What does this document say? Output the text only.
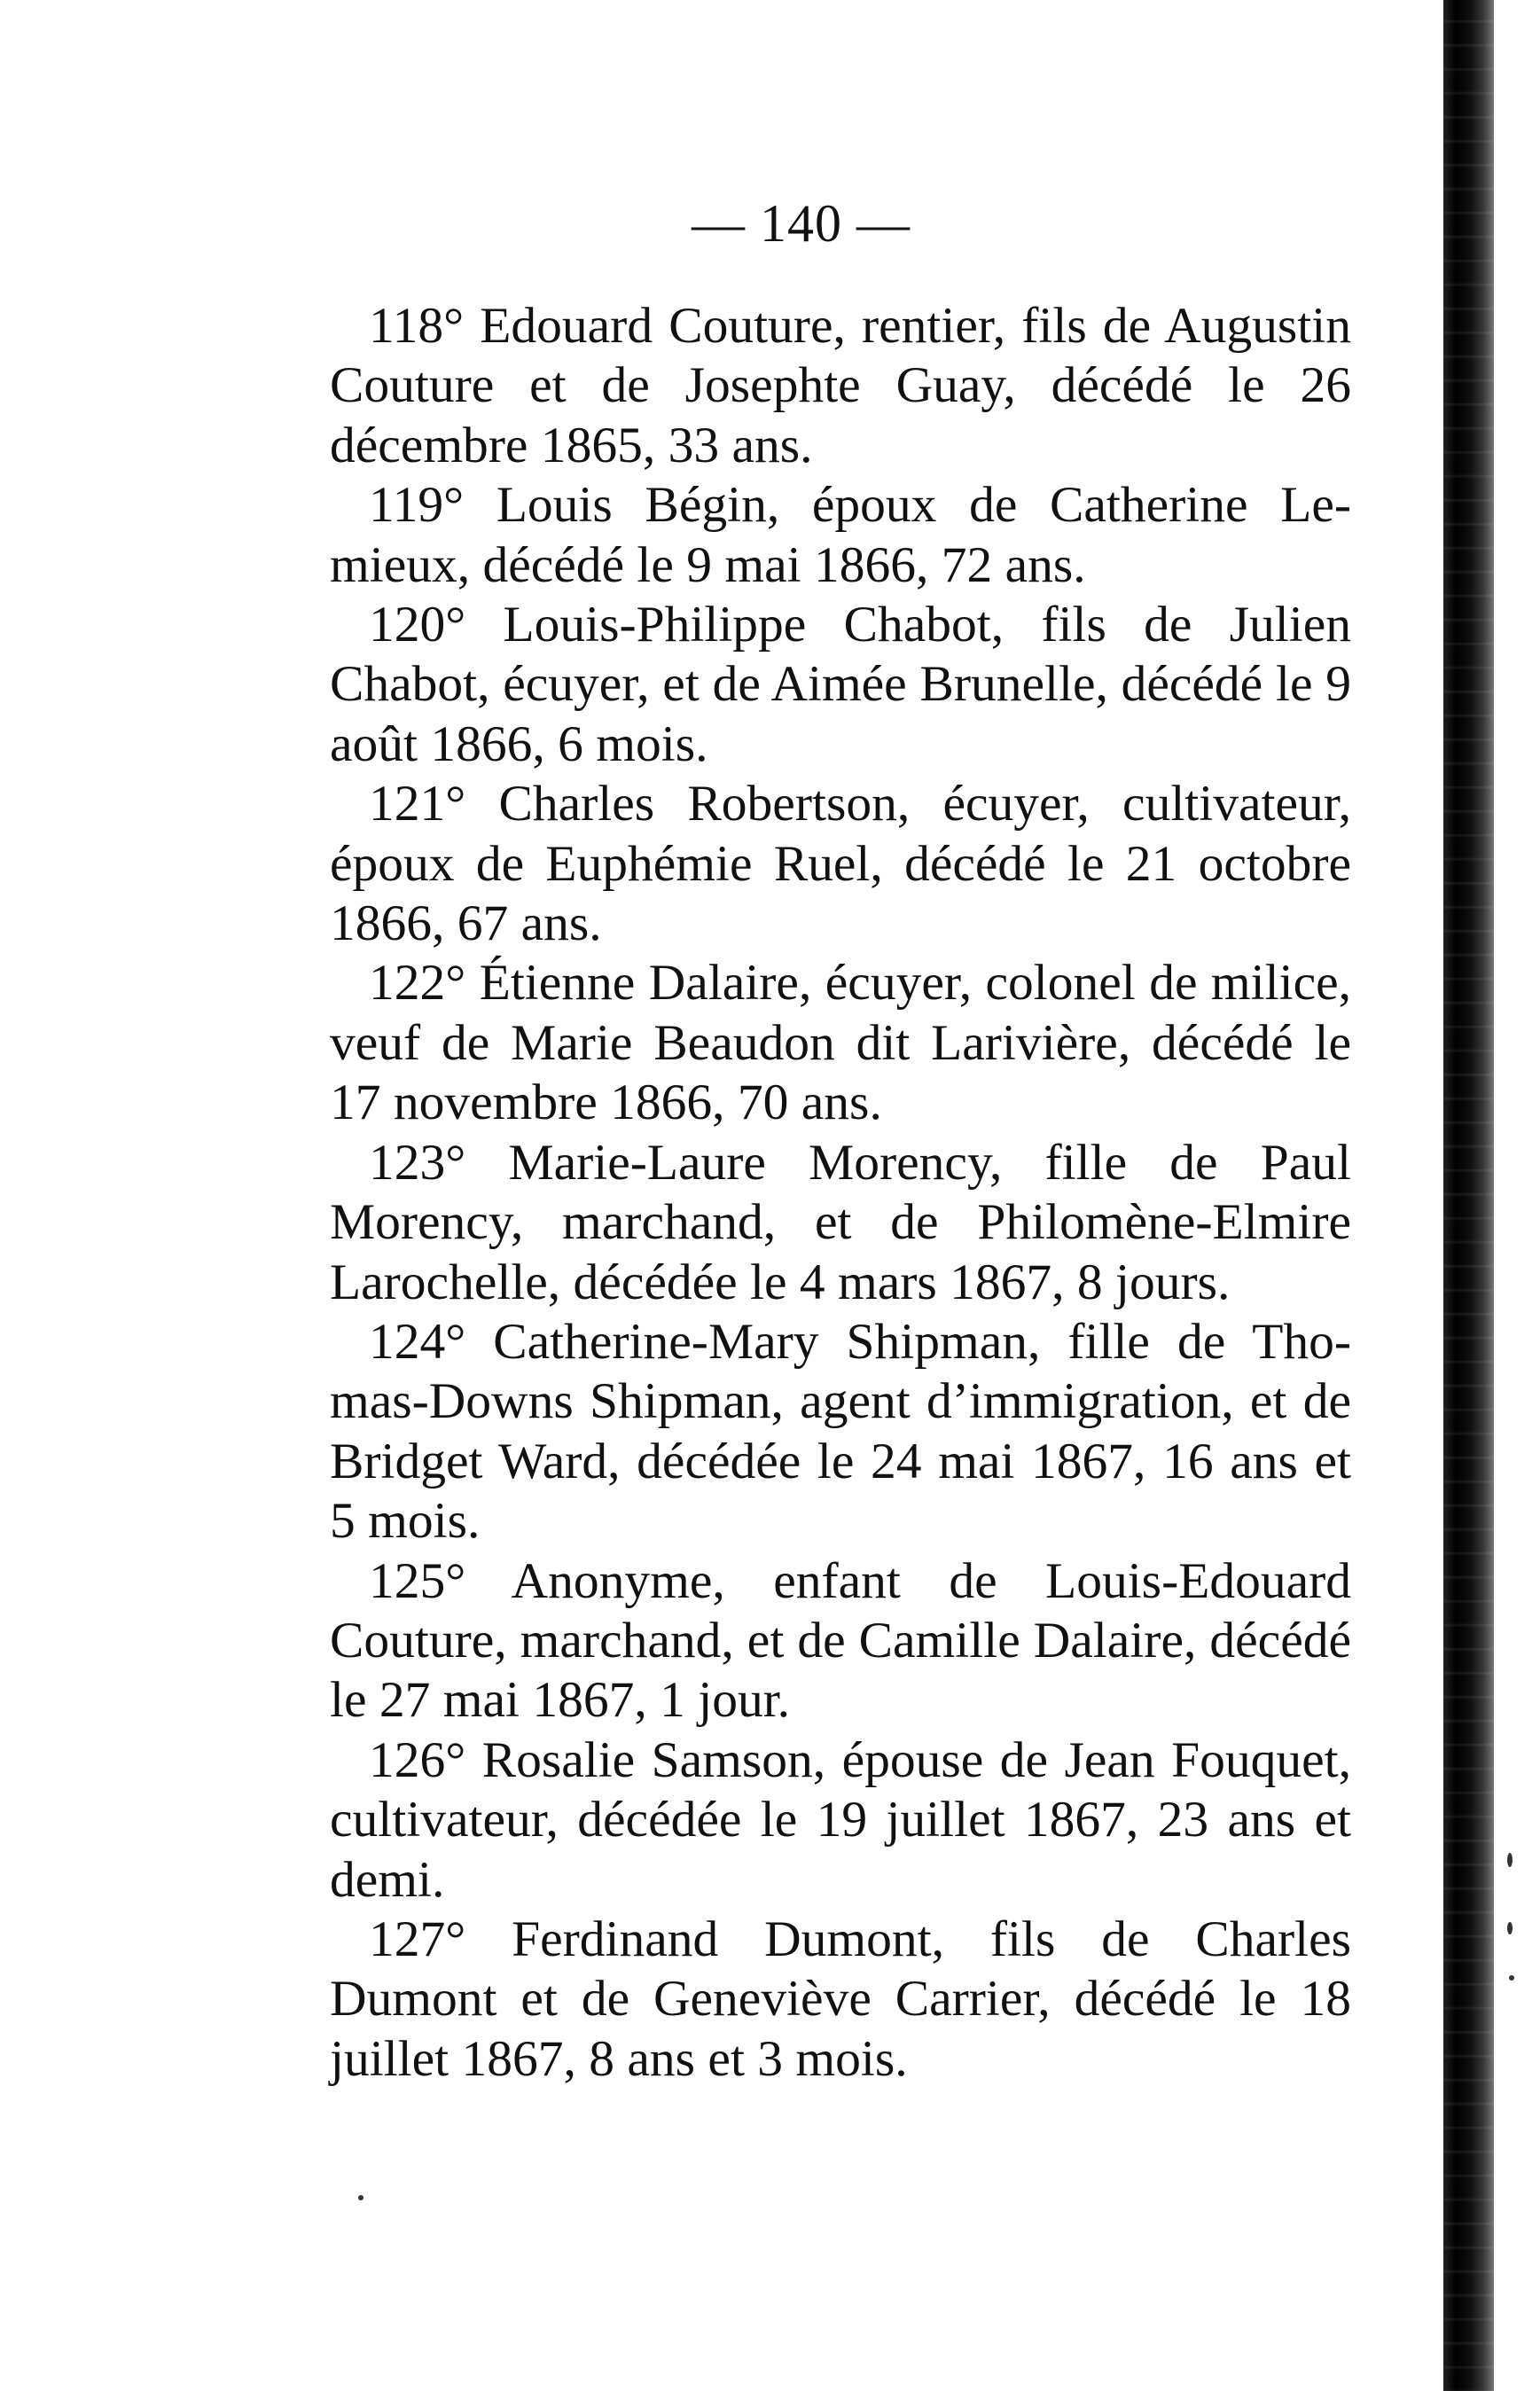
— 140 —

118° Edouard Couture, rentier, fils de Augustin Couture et de Josephte Guay, décédé le 26 décembre 1865, 33 ans.

119° Louis Bégin, époux de Catherine Lemieux, décédé le 9 mai 1866, 72 ans.

120° Louis-Philippe Chabot, fils de Julien Chabot, écuyer, et de Aimée Brunelle, décédé le 9 août 1866, 6 mois.

121° Charles Robertson, écuyer, cultivateur, époux de Euphémie Ruel, décédé le 21 octobre 1866, 67 ans.

122° Étienne Dalaire, écuyer, colonel de milice, veuf de Marie Beaudon dit Larivière, décédé le 17 novembre 1866, 70 ans.

123° Marie-Laure Morency, fille de Paul Morency, marchand, et de Philomène-Elmire Larochelle, décédée le 4 mars 1867, 8 jours.

124° Catherine-Mary Shipman, fille de Thomas-Downs Shipman, agent d’immigration, et de Bridget Ward, décédée le 24 mai 1867, 16 ans et 5 mois.

125° Anonyme, enfant de Louis-Edouard Couture, marchand, et de Camille Dalaire, décédé le 27 mai 1867, 1 jour.

126° Rosalie Samson, épouse de Jean Fouquet, cultivateur, décédée le 19 juillet 1867, 23 ans et demi.

127° Ferdinand Dumont, fils de Charles Dumont et de Geneviève Carrier, décédé le 18 juillet 1867, 8 ans et 3 mois.
